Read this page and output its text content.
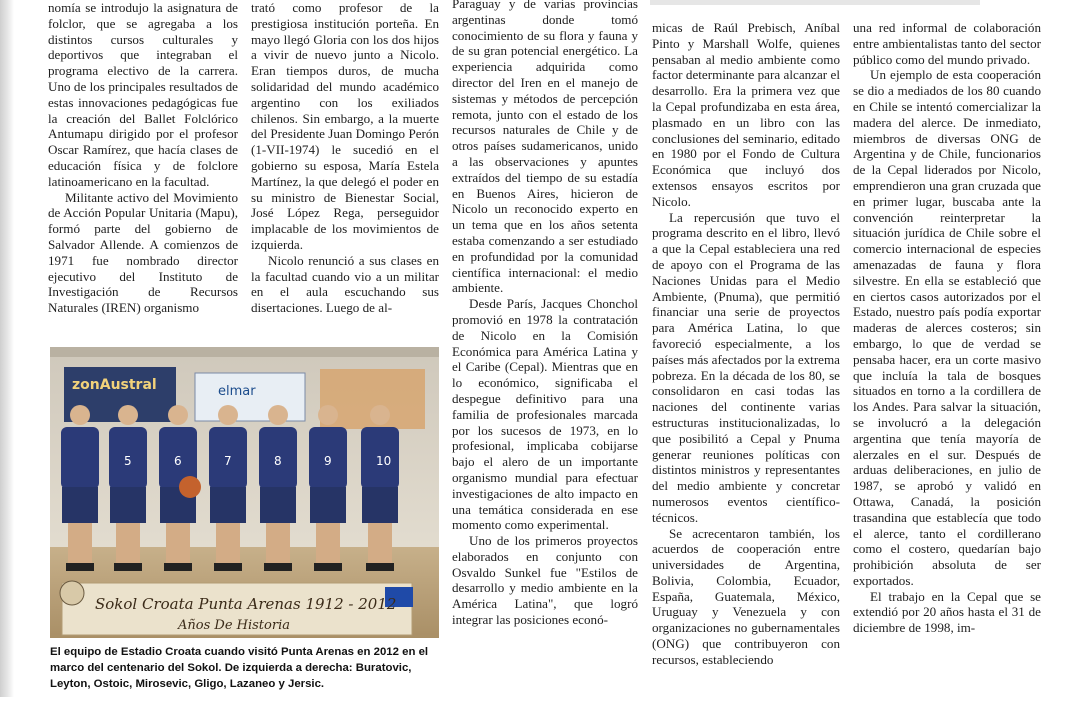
nomía se introdujo la asignatura de folclor, que se agregaba a los distintos cursos culturales y deportivos que integraban el programa electivo de la carrera. Uno de los principales resultados de estas innovaciones pedagógicas fue la creación del Ballet Folclórico Antumapu dirigido por el profesor Oscar Ramírez, que hacía clases de educación física y de folclore latinoamericano en la facultad.

Militante activo del Movimiento de Acción Popular Unitaria (Mapu), formó parte del gobierno de Salvador Allende. A comienzos de 1971 fue nombrado director ejecutivo del Instituto de Investigación de Recursos Naturales (IREN) organismo

trató como profesor de la prestigiosa institución porteña. En mayo llegó Gloria con los dos hijos a vivir de nuevo junto a Nicolo. Eran tiempos duros, de mucha solidaridad del mundo académico argentino con los exiliados chilenos. Sin embargo, a la muerte del Presidente Juan Domingo Perón (1-VII-1974) le sucedió en el gobierno su esposa, María Estela Martínez, la que delegó el poder en su ministro de Bienestar Social, José López Rega, perseguidor implacable de los movimientos de izquierda.

Nicolo renunció a sus clases en la facultad cuando vio a un militar en el aula escuchando sus disertaciones. Luego de al-

Paraguay y de varias provincias argentinas donde tomó conocimiento de su flora y fauna y de su gran potencial energético. La experiencia adquirida como director del Iren en el manejo de sistemas y métodos de percepción remota, junto con el estado de los recursos naturales de Chile y de otros países sudamericanos, unido a las observaciones y apuntes extraídos del tiempo de su estadía en Buenos Aires, hicieron de Nicolo un reconocido experto en un tema que en los años setenta estaba comenzando a ser estudiado en profundidad por la comunidad científica internacional: el medio ambiente.

Desde París, Jacques Chonchol promovió en 1978 la contratación de Nicolo en la Comisión Económica para América Latina y el Caribe (Cepal). Mientras que en lo económico, significaba el despegue definitivo para una familia de profesionales marcada por los sucesos de 1973, en lo profesional, implicaba cobijarse bajo el alero de un importante organismo mundial para efectuar investigaciones de alto impacto en una temática considerada en ese momento como experimental.

Uno de los primeros proyectos elaborados en conjunto con Osvaldo Sunkel fue "Estilos de desarrollo y medio ambiente en la América Latina", que logró integrar las posiciones econó-

micas de Raúl Prebisch, Aníbal Pinto y Marshall Wolfe, quienes pensaban al medio ambiente como factor determinante para alcanzar el desarrollo. Era la primera vez que la Cepal profundizaba en esta área, plasmado en un libro con las conclusiones del seminario, editado en 1980 por el Fondo de Cultura Económica que incluyó dos extensos ensayos escritos por Nicolo.

La repercusión que tuvo el programa descrito en el libro, llevó a que la Cepal estableciera una red de apoyo con el Programa de las Naciones Unidas para el Medio Ambiente, (Pnuma), que permitió financiar una serie de proyectos para América Latina, lo que favoreció especialmente, a los países más afectados por la extrema pobreza. En la década de los 80, se consolidaron en casi todas las naciones del continente varias estructuras institucionalizadas, lo que posibilitó a Cepal y Pnuma generar reuniones políticas con distintos ministros y representantes del medio ambiente y concretar numerosos eventos científico- técnicos.

Se acrecentaron también, los acuerdos de cooperación entre universidades de Argentina, Bolivia, Colombia, Ecuador, España, Guatemala, México, Uruguay y Venezuela y con organizaciones no gubernamentales (ONG) que contribuyeron con recursos, estableciendo

una red informal de colaboración entre ambientalistas tanto del sector público como del mundo privado.

Un ejemplo de esta cooperación se dio a mediados de los 80 cuando en Chile se intentó comercializar la madera del alerce. De inmediato, miembros de diversas ONG de Argentina y de Chile, funcionarios de la Cepal liderados por Nicolo, emprendieron una gran cruzada que en primer lugar, buscaba ante la convención reinterpretar la situación jurídica de Chile sobre el comercio internacional de especies amenazadas de fauna y flora silvestre. En ella se estableció que en ciertos casos autorizados por el Estado, nuestro país podía exportar maderas de alerces costeros; sin embargo, lo que de verdad se pensaba hacer, era un corte masivo que incluía la tala de bosques situados en torno a la cordillera de los Andes. Para salvar la situación, se involucró a la delegación argentina que tenía mayoría de alerzales en el sur. Después de arduas deliberaciones, en julio de 1987, se aprobó y validó en Ottawa, Canadá, la posición trasandina que establecía que todo el alerce, tanto el cordillerano como el costero, quedarían bajo prohibición absoluta de ser exportados.

El trabajo en la Cepal que se extendió por 20 años hasta el 31 de diciembre de 1998, im-

zonAustral	elmar
5	6	7	8	9	10
Sokol Croata Punta Arenas 1912 - 2012
Años De Historia
El equipo de Estadio Croata cuando visitó Punta Arenas en 2012 en el marco del centenario del Sokol. De izquierda a derecha: Buratovic, Leyton, Ostoic, Mirosevic, Gligo, Lazaneo y Jersic.
